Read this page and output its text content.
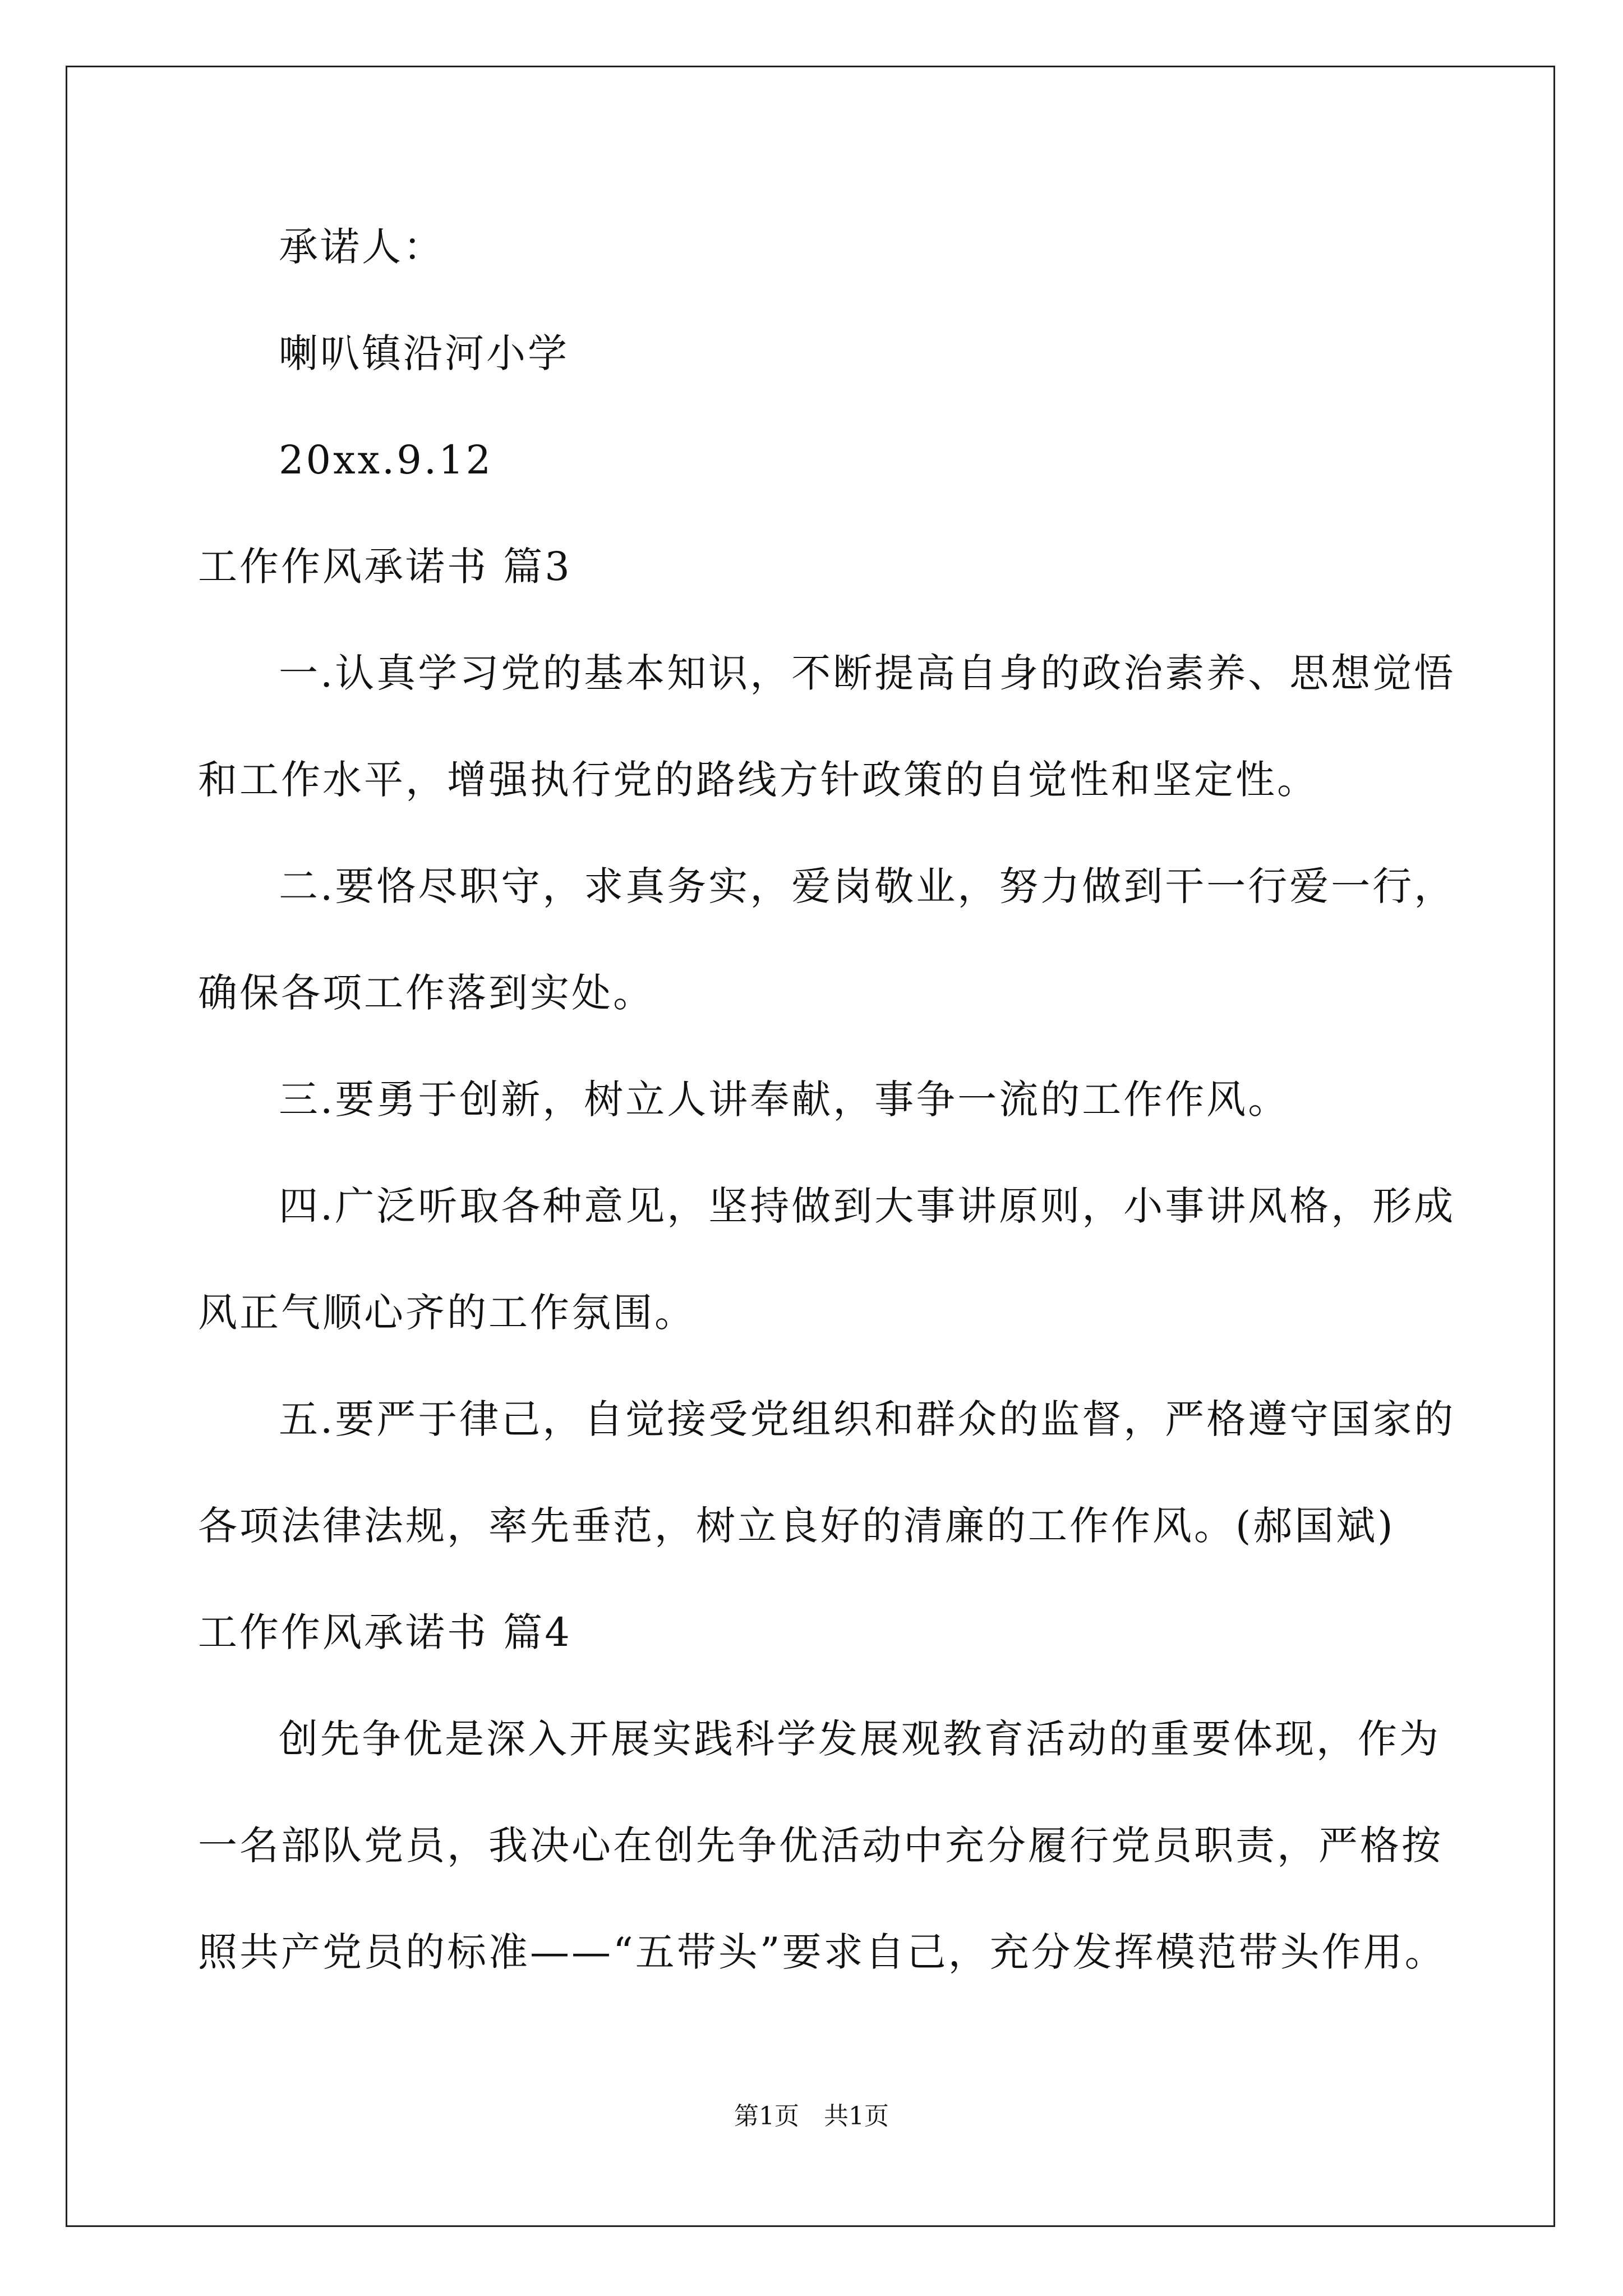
承诺人：
喇叭镇沿河小学
20xx.9.12
工作作风承诺书 篇3
一.认真学习党的基本知识，不断提高自身的政治素养、思想觉悟
和工作水平，增强执行党的路线方针政策的自觉性和坚定性。
二.要恪尽职守，求真务实，爱岗敬业，努力做到干一行爱一行，
确保各项工作落到实处。
三.要勇于创新，树立人讲奉献，事争一流的工作作风。
四.广泛听取各种意见，坚持做到大事讲原则，小事讲风格，形成
风正气顺心齐的工作氛围。
五.要严于律己，自觉接受党组织和群众的监督，严格遵守国家的
各项法律法规，率先垂范，树立良好的清廉的工作作风。(郝国斌)
工作作风承诺书 篇4
创先争优是深入开展实践科学发展观教育活动的重要体现，作为
一名部队党员，我决心在创先争优活动中充分履行党员职责，严格按
照共产党员的标准——“五带头”要求自己，充分发挥模范带头作用。
第1页　共1页
